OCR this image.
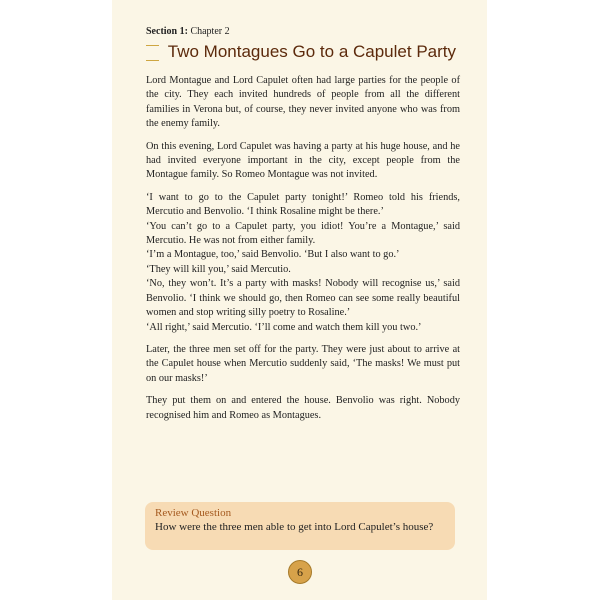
Section 1: Chapter 2
— — Two Montagues Go to a Capulet Party

Lord Montague and Lord Capulet often had large parties for the people of the city. They each invited hundreds of people from all the different families in Verona but, of course, they never invited anyone who was from the enemy family.

On this evening, Lord Capulet was having a party at his huge house, and he had invited everyone important in the city, except people from the Montague family. So Romeo Montague was not invited.

‘I want to go to the Capulet party tonight!’ Romeo told his friends, Mercutio and Benvolio. ‘I think Rosaline might be there.’

‘You can’t go to a Capulet party, you idiot! You’re a Montague,’ said Mercutio. He was not from either family.

‘I’m a Montague, too,’ said Benvolio. ‘But I also want to go.’

‘They will kill you,’ said Mercutio.

‘No, they won’t. It’s a party with masks! Nobody will recognise us,’ said Benvolio. ‘I think we should go, then Romeo can see some really beautiful women and stop writing silly poetry to Rosaline.’

‘All right,’ said Mercutio. ‘I’ll come and watch them kill you two.’

Later, the three men set off for the party. They were just about to arrive at the Capulet house when Mercutio suddenly said, ‘The masks! We must put on our masks!’

They put them on and entered the house. Benvolio was right. Nobody recognised him and Romeo as Montagues.

Review Question
How were the three men able to get into Lord Capulet’s house?
6
